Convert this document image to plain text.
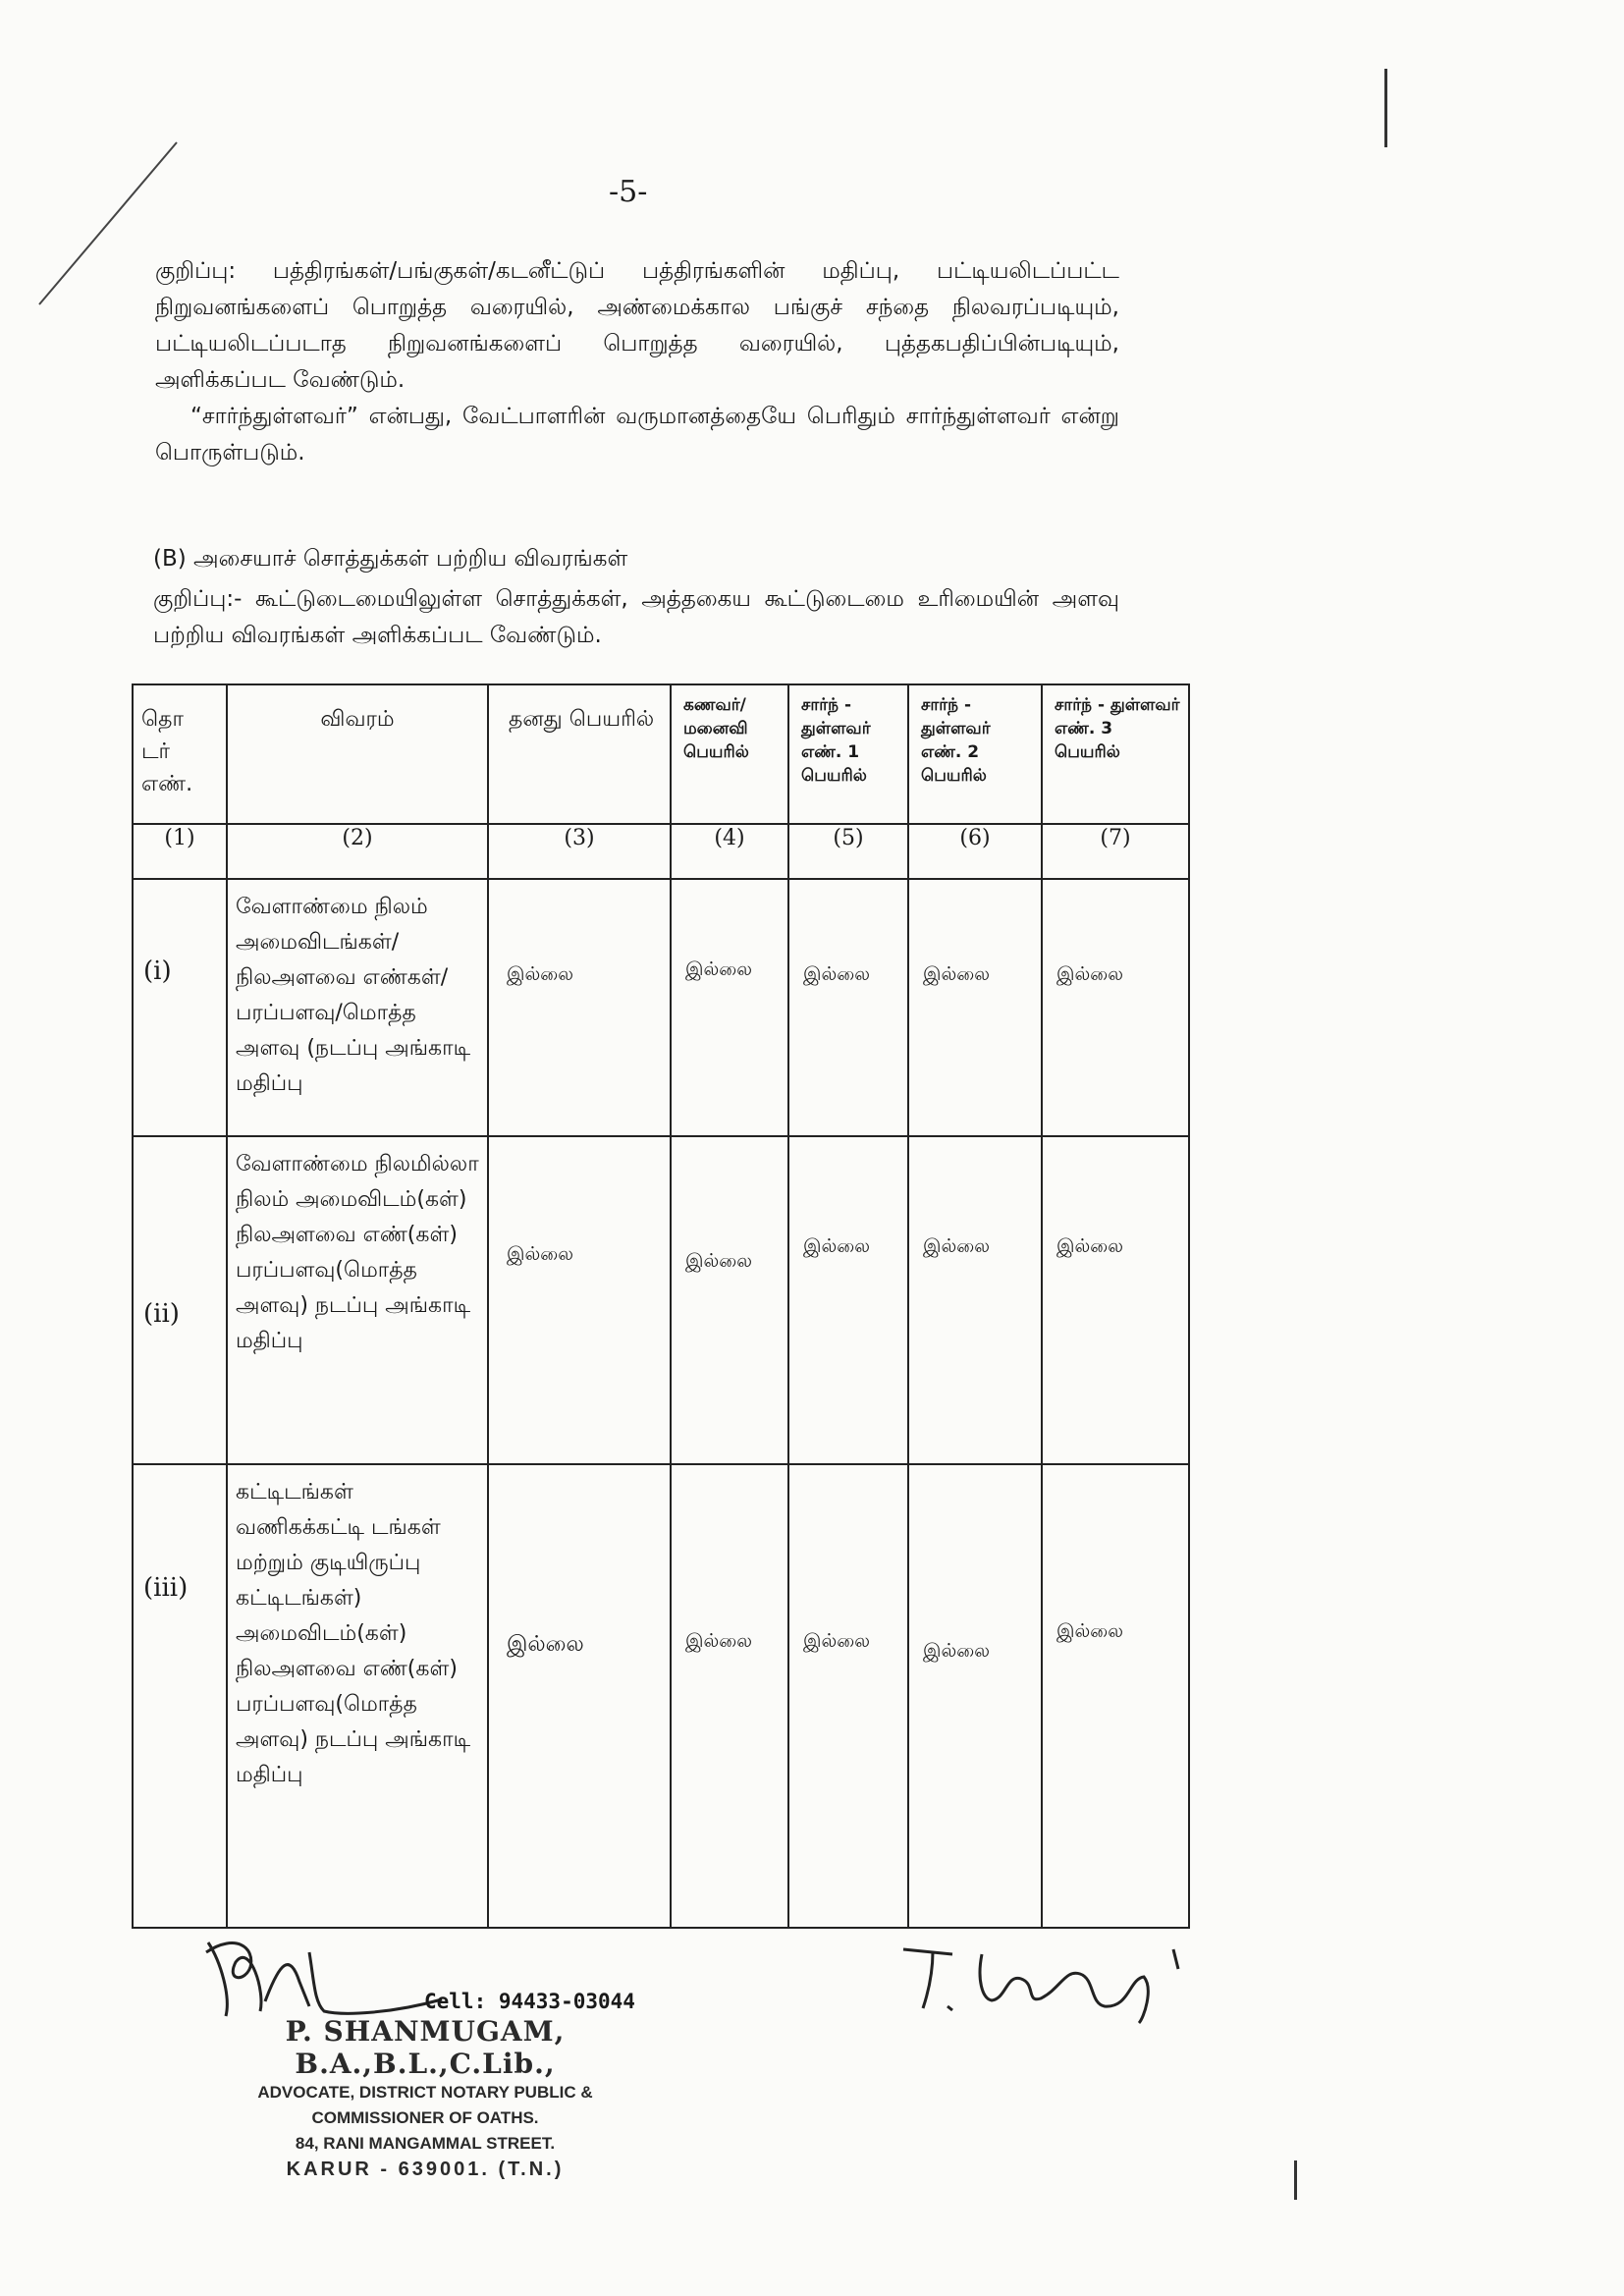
-5-

குறிப்பு: பத்திரங்கள்/பங்குகள்/கடனீட்டுப் பத்திரங்களின் மதிப்பு, பட்டியலிடப்பட்ட நிறுவனங்களைப் பொறுத்த வரையில், அண்மைக்கால பங்குச் சந்தை நிலவரப்படியும், பட்டியலிடப்படாத நிறுவனங்களைப் பொறுத்த வரையில், புத்தகபதிப்பின்படியும், அளிக்கப்பட வேண்டும்.

“சார்ந்துள்ளவர்” என்பது, வேட்பாளரின் வருமானத்தையே பெரிதும் சார்ந்துள்ளவர் என்று பொருள்படும்.

(B) அசையாச் சொத்துக்கள் பற்றிய விவரங்கள்
குறிப்பு:- கூட்டுடைமையிலுள்ள சொத்துக்கள், அத்தகைய கூட்டுடைமை உரிமையின் அளவு பற்றிய விவரங்கள் அளிக்கப்பட வேண்டும்.
தொ டர் எண்.	விவரம்	தனது பெயரில்	கணவர்/ மனைவி பெயரில்	சார்ந் - துள்ளவர் எண். 1 பெயரில்	சார்ந் - துள்ளவர் எண். 2 பெயரில்	சார்ந் - துள்ளவர் எண். 3 பெயரில்
(1)	(2)	(3)	(4)	(5)	(6)	(7)
(i)	வேளாண்மை நிலம் அமைவிடங்கள்/ நிலஅளவை எண்கள்/ பரப்பளவு/மொத்த அளவு (நடப்பு அங்காடி மதிப்பு	இல்லை	இல்லை	இல்லை	இல்லை	இல்லை
(ii)	வேளாண்மை நிலமில்லா நிலம் அமைவிடம்(கள்) நிலஅளவை எண்(கள்) பரப்பளவு(மொத்த அளவு) நடப்பு அங்காடி மதிப்பு	இல்லை	இல்லை	இல்லை	இல்லை	இல்லை
(iii)	கட்டிடங்கள் வணிகக்கட்டி டங்கள் மற்றும் குடியிருப்பு கட்டிடங்கள்) அமைவிடம்(கள்) நிலஅளவை எண்(கள்) பரப்பளவு(மொத்த அளவு) நடப்பு அங்காடி மதிப்பு	இல்லை	இல்லை	இல்லை	இல்லை	இல்லை
Cell: 94433-03044
P. SHANMUGAM, B.A.,B.L.,C.Lib.,
ADVOCATE, DISTRICT NOTARY PUBLIC &
COMMISSIONER OF OATHS.
84, RANI MANGAMMAL STREET.
KARUR - 639001. (T.N.)
